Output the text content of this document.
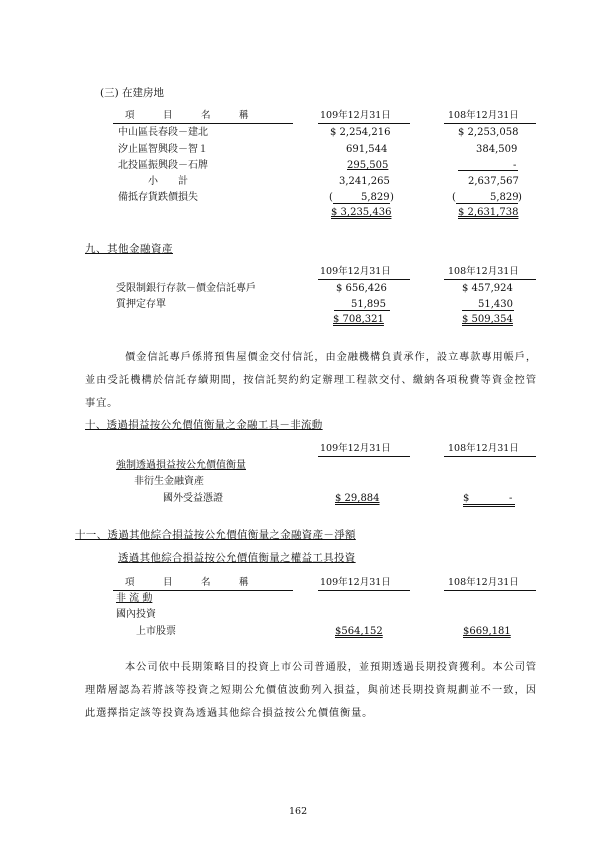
(三) 在建房地
項　　　目　　　名　　　稱	109年12月31日	108年12月31日
中山區長春段－建北	$ 2,254,216	$ 2,253,058
汐止區智興段－智１	691,544	384,509
北投區振興段－石牌	295,505	-
小　　計	3,241,265	2,637,567
備抵存貨跌價損失	(	5,829 )	(	5,829 )
$ 3,235,436	$ 2,631,738
九、其他金融資產
109年12月31日	108年12月31日
受限制銀行存款－價金信託專戶	$ 656,426	$ 457,924
質押定存單	51,895	51,430
$ 708,321	$ 509,354
價金信託專戶係將預售屋價金交付信託，由金融機構負責承作，設立專款專用帳戶，並由受託機構於信託存續期間，按信託契約約定辦理工程款交付、繳納各項稅費等資金控管事宜。
十、透過損益按公允價值衡量之金融工具－非流動
109年12月31日	108年12月31日
強制透過損益按公允價值衡量
非衍生金融資產
國外受益憑證	$ 29,884	$	-
十一、透過其他綜合損益按公允價值衡量之金融資產－淨額
透過其他綜合損益按公允價值衡量之權益工具投資
項　　　目　　　名　　　稱	109年12月31日	108年12月31日
非 流 動
國內投資
上市股票	$564,152	$669,181
本公司依中長期策略目的投資上市公司普通股，並預期透過長期投資獲利。本公司管理階層認為若將該等投資之短期公允價值波動列入損益，與前述長期投資規劃並不一致，因此選擇指定該等投資為透過其他綜合損益按公允價值衡量。
162
